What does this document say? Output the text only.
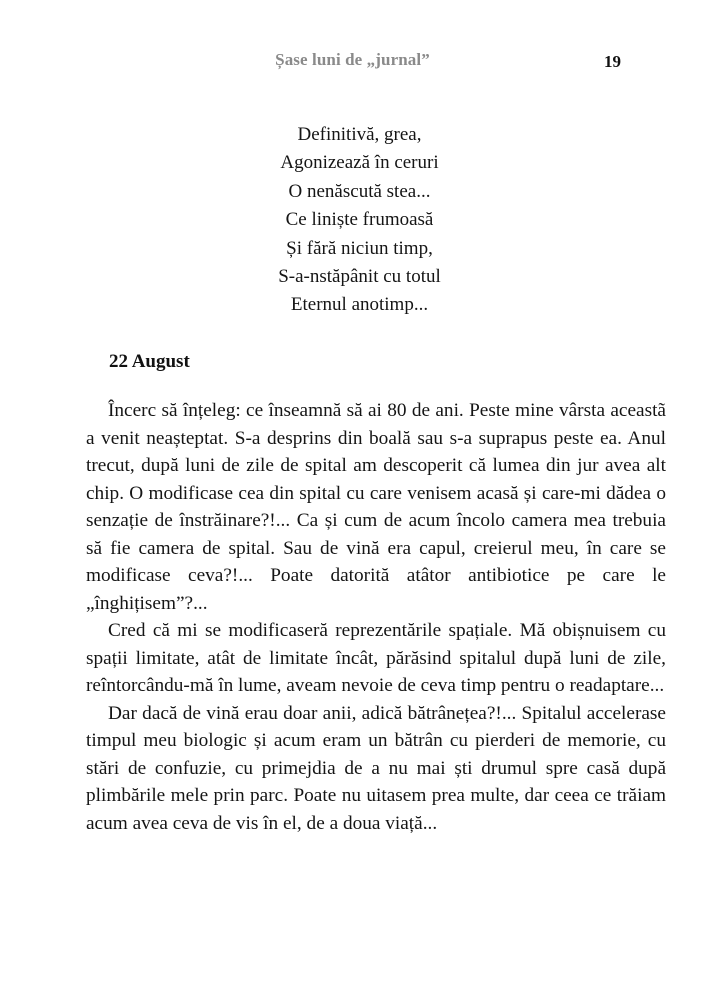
Șase luni de „jurnal”	19
Definitivă, grea,
Agonizează în ceruri
O nenăscută stea...
Ce liniște frumoasă
Și fără niciun timp,
S-a-nstăpânit cu totul
Eternul anotimp...
22 August

Încerc să înțeleg: ce înseamnă să ai 80 de ani. Peste mine vârsta aceastã a venit neașteptat. S-a desprins din boală sau s-a suprapus peste ea. Anul trecut, după luni de zile de spital am descoperit că lumea din jur avea alt chip. O modificase cea din spital cu care venisem acasă și care-mi dădea o senzație de înstrăinare?!... Ca și cum de acum încolo camera mea trebuia să fie camera de spital. Sau de vină era capul, creierul meu, în care se modificase ceva?!... Poate datorită atâtor antibiotice pe care le „înghițisem”?...

Cred că mi se modificaseră reprezentările spațiale. Mă obișnuisem cu spații limitate, atât de limitate încât, părăsind spitalul după luni de zile, reîntorcându-mă în lume, aveam nevoie de ceva timp pentru o readaptare...

Dar dacă de vină erau doar anii, adică bătrânețea?!... Spitalul accelerase timpul meu biologic și acum eram un bătrân cu pierderi de memorie, cu stări de confuzie, cu primejdia de a nu mai ști drumul spre casă după plimbările mele prin parc. Poate nu uitasem prea multe, dar ceea ce trăiam acum avea ceva de vis în el, de a doua viață...
